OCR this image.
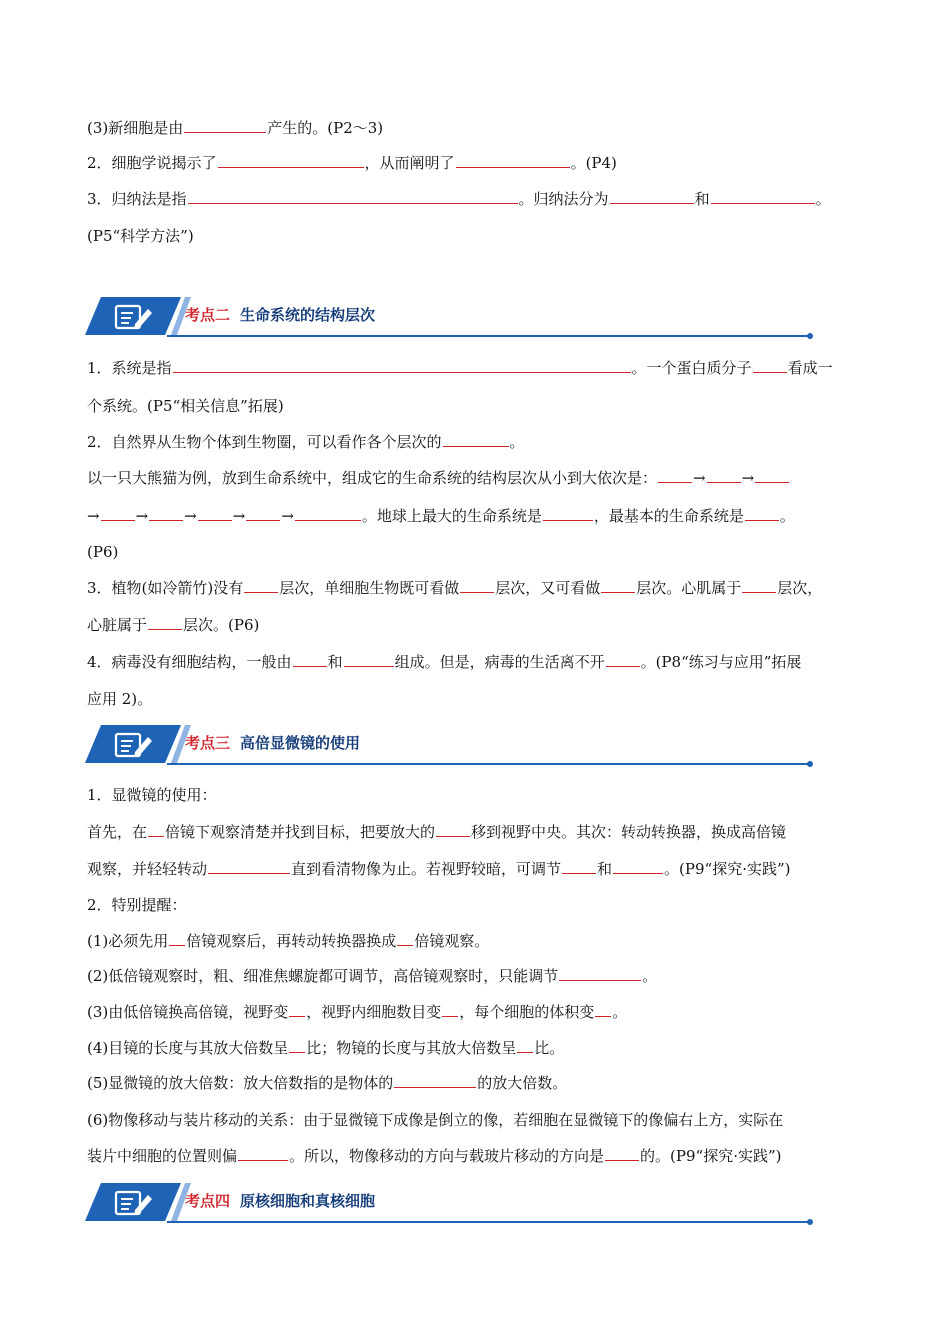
(3)新细胞是由	产生的。(P2～3)
2．细胞学说揭示了	，从而阐明了	。(P4)
3．归纳法是指	。归纳法分为	和	。
(P5“科学方法”)
考点二 生命系统的结构层次
1．系统是指	。一个蛋白质分子 看成一
个系统。(P5“相关信息”拓展)
2．自然界从生物个体到生物圈，可以看作各个层次的	。
以一只大熊猫为例，放到生命系统中，组成它的生命系统的结构层次从小到大依次是： → →
→ → → → →	。地球上最大的生命系统是	，最基本的生命系统是 。
(P6)
3．植物(如冷箭竹)没有 层次，单细胞生物既可看做 层次，又可看做 层次。心肌属于 层次，
心脏属于 层次。(P6)
4．病毒没有细胞结构，一般由 和	组成。但是，病毒的生活离不开 。(P8“练习与应用”拓展
应用 2)。
考点三 高倍显微镜的使用
1．显微镜的使用：
首先，在 倍镜下观察清楚并找到目标，把要放大的 移到视野中央。其次：转动转换器，换成高倍镜
观察，并轻轻转动	直到看清物像为止。若视野较暗，可调节 和	。(P9“探究·实践”)
2．特别提醒：
(1)必须先用 倍镜观察后，再转动转换器换成 倍镜观察。
(2)低倍镜观察时，粗、细准焦螺旋都可调节，高倍镜观察时，只能调节	。
(3)由低倍镜换高倍镜，视野变 ，视野内细胞数目变 ，每个细胞的体积变 。
(4)目镜的长度与其放大倍数呈 比；物镜的长度与其放大倍数呈 比。
(5)显微镜的放大倍数：放大倍数指的是物体的	的放大倍数。
(6)物像移动与装片移动的关系：由于显微镜下成像是倒立的像，若细胞在显微镜下的像偏右上方，实际在
装片中细胞的位置则偏	。所以，物像移动的方向与载玻片移动的方向是 的。(P9“探究·实践”)
考点四 原核细胞和真核细胞
